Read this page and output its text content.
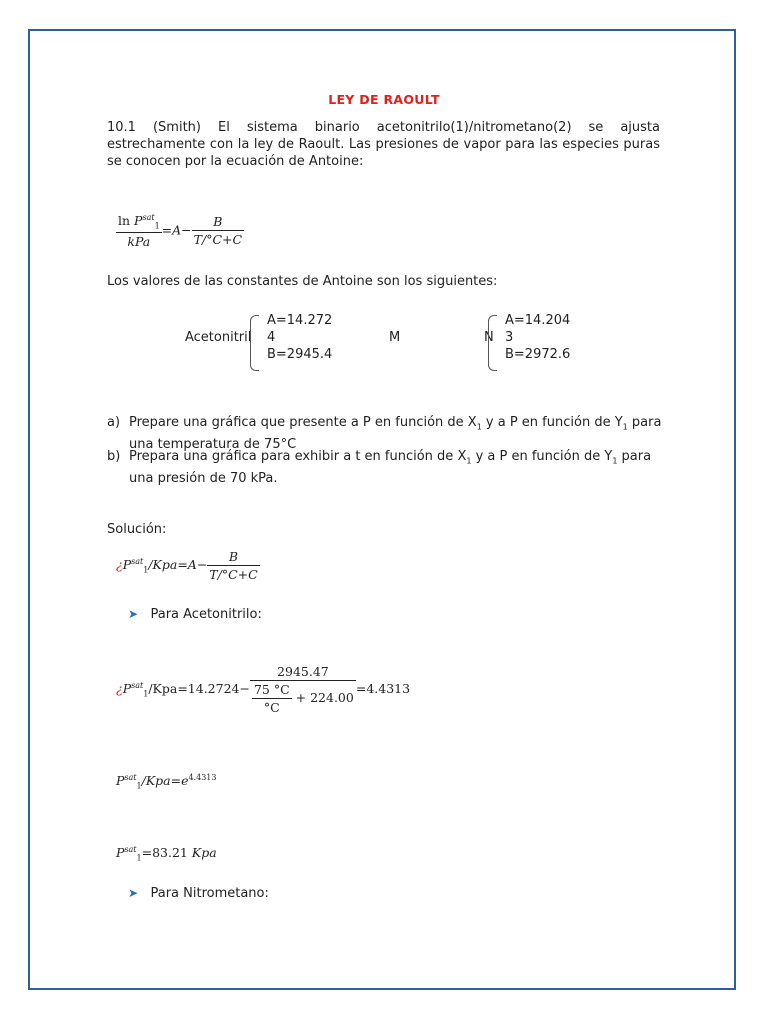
LEY DE RAOULT
10.1 (Smith) El sistema binario acetonitrilo(1)/nitrometano(2) se ajusta estrechamente con la ley de Raoult. Las presiones de vapor para las especies puras se conocen por la ecuación de Antoine:
$\frac{\ln P^{sat}_1}{\text{kPa}} =A- \frac{B}{T/^\circ C+C}$
Los valores de las constantes de Antoine son los siguientes:
Acetonitril
A=14.272
4
B=2945.4
M	N
A=14.204
3
B=2972.6
a) Prepare una gráfica que presente a P en función de $X_1$ y a P en función de $Y_1$ para una temperatura de 75°C
b) Prepara una gráfica para exhibir a t en función de $X_1$ y a P en función de $Y_1$ para una presión de 70 kPa.
Solución:
¿$P^{sat}_1/Kpa=A- \frac{B}{T/^\circ C+C}$
➤ Para Acetonitrilo:
¿$P^{sat}_1/Kpa=14.2724- \frac{2945.47}{\frac{75 ^\circ C}{^\circ C} + 224.00} =4.4313$
$P^{sat}_1/Kpa=e^{4.4313}$
$P^{sat}_1=83.21$ Kpa
➤ Para Nitrometano:
